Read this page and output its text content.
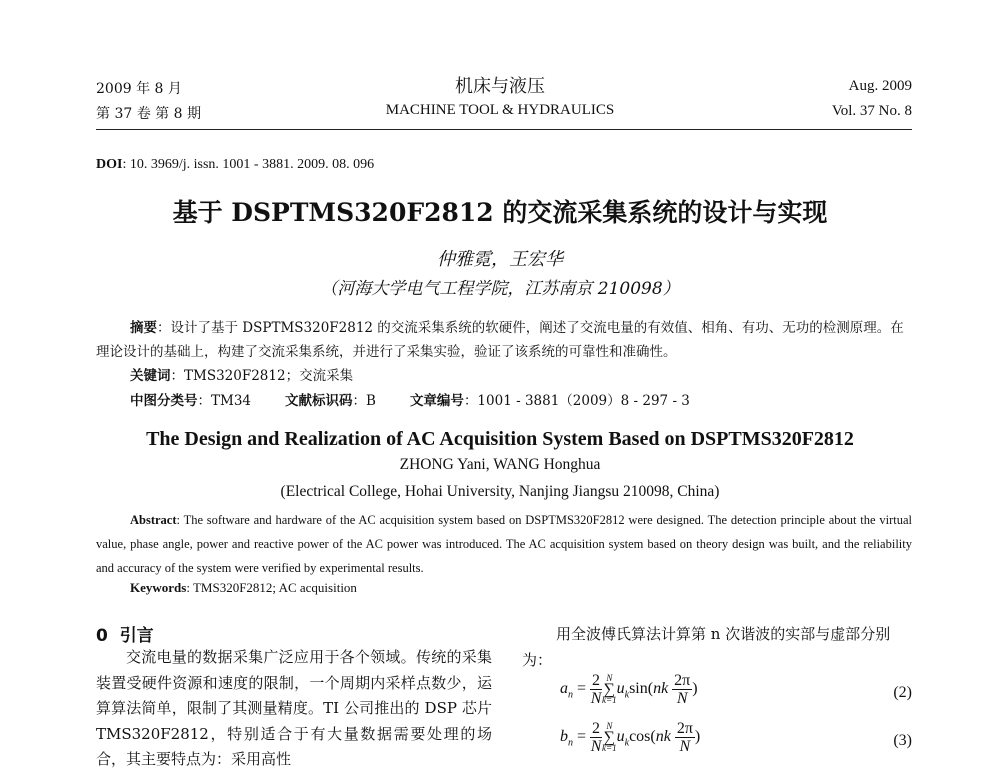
2009 年 8 月
第 37 卷 第 8 期
机床与液压
MACHINE TOOL & HYDRAULICS
Aug. 2009
Vol. 37 No. 8
DOI: 10. 3969/j. issn. 1001 - 3881. 2009. 08. 096
基于 DSPTMS320F2812 的交流采集系统的设计与实现
仲雅霓，王宏华
（河海大学电气工程学院，江苏南京 210098）
摘要：设计了基于 DSPTMS320F2812 的交流采集系统的软硬件，阐述了交流电量的有效值、相角、有功、无功的检测原理。在理论设计的基础上，构建了交流采集系统，并进行了采集实验，验证了该系统的可靠性和准确性。
关键词：TMS320F2812；交流采集
中图分类号：TM34	文献标识码：B	文章编号：1001 - 3881（2009）8 - 297 - 3
The Design and Realization of AC Acquisition System Based on DSPTMS320F2812
ZHONG Yani, WANG Honghua
(Electrical College, Hohai University, Nanjing Jiangsu 210098, China)
Abstract: The software and hardware of the AC acquisition system based on DSPTMS320F2812 were designed. The detection principle about the virtual value, phase angle, power and reactive power of the AC power was introduced. The AC acquisition system based on theory design was built, and the reliability and accuracy of the system were verified by experimental results.
Keywords: TMS320F2812; AC acquisition
0 引言

交流电量的数据采集广泛应用于各个领域。传统的采集装置受硬件资源和速度的限制，一个周期内采样点数少，运算算法简单，限制了其测量精度。TI 公司推出的 DSP 芯片 TMS320F2812，特别适合于有大量数据需要处理的场合，其主要特点为：采用高性

用全波傅氏算法计算第 n 次谐波的实部与虚部分别为：

$a_n = \frac{2}{N}$ N
∑
k=1
$u_k\sin(nk \frac{2\pi}{N}$ )	(2)
$b_n = \frac{2}{N}$ N
∑
k=1
$u_k\cos(nk \frac{2\pi}{N}$ )	(3)
